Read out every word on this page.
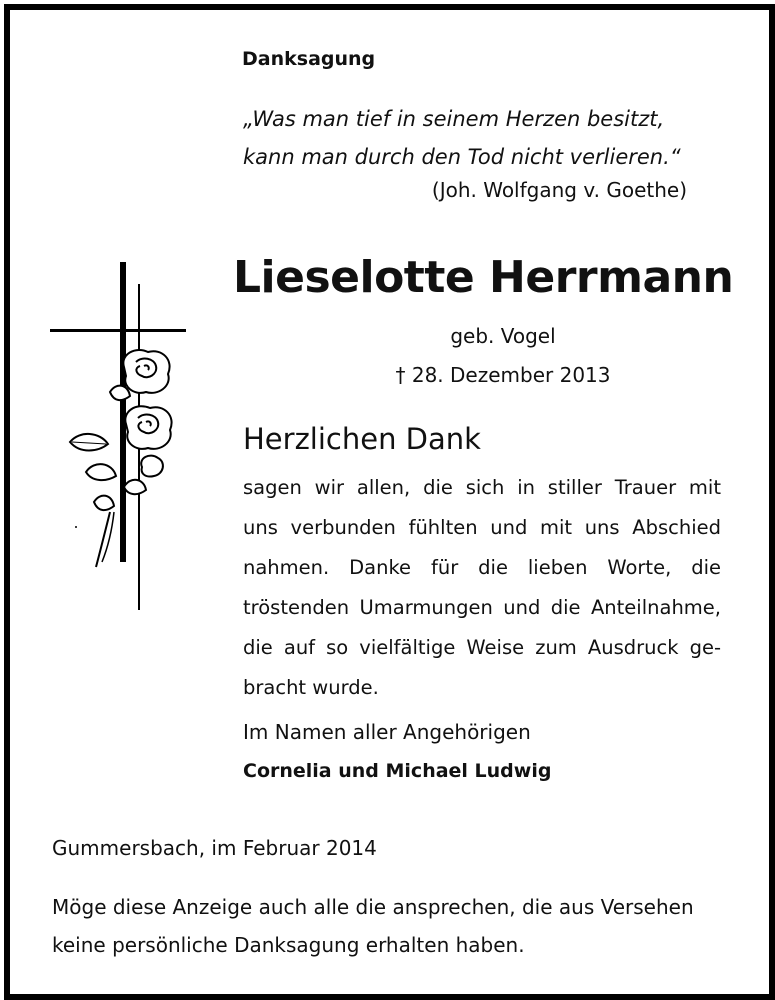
Danksagung
„Was man tief in seinem Herzen besitzt,
kann man durch den Tod nicht verlieren.“
(Joh. Wolfgang v. Goethe)
Lieselotte Herrmann
geb. Vogel
† 28. Dezember 2013
Herzlichen Dank
sagen wir allen, die sich in stiller Trauer mit
uns verbunden fühlten und mit uns Abschied
nahmen. Danke für die lieben Worte, die
tröstenden Umarmungen und die Anteilnahme,
die auf so vielfältige Weise zum Ausdruck ge-
bracht wurde.
Im Namen aller Angehörigen
Cornelia und Michael Ludwig
Gummersbach, im Februar 2014
Möge diese Anzeige auch alle die ansprechen, die aus Versehen
keine persönliche Danksagung erhalten haben.
